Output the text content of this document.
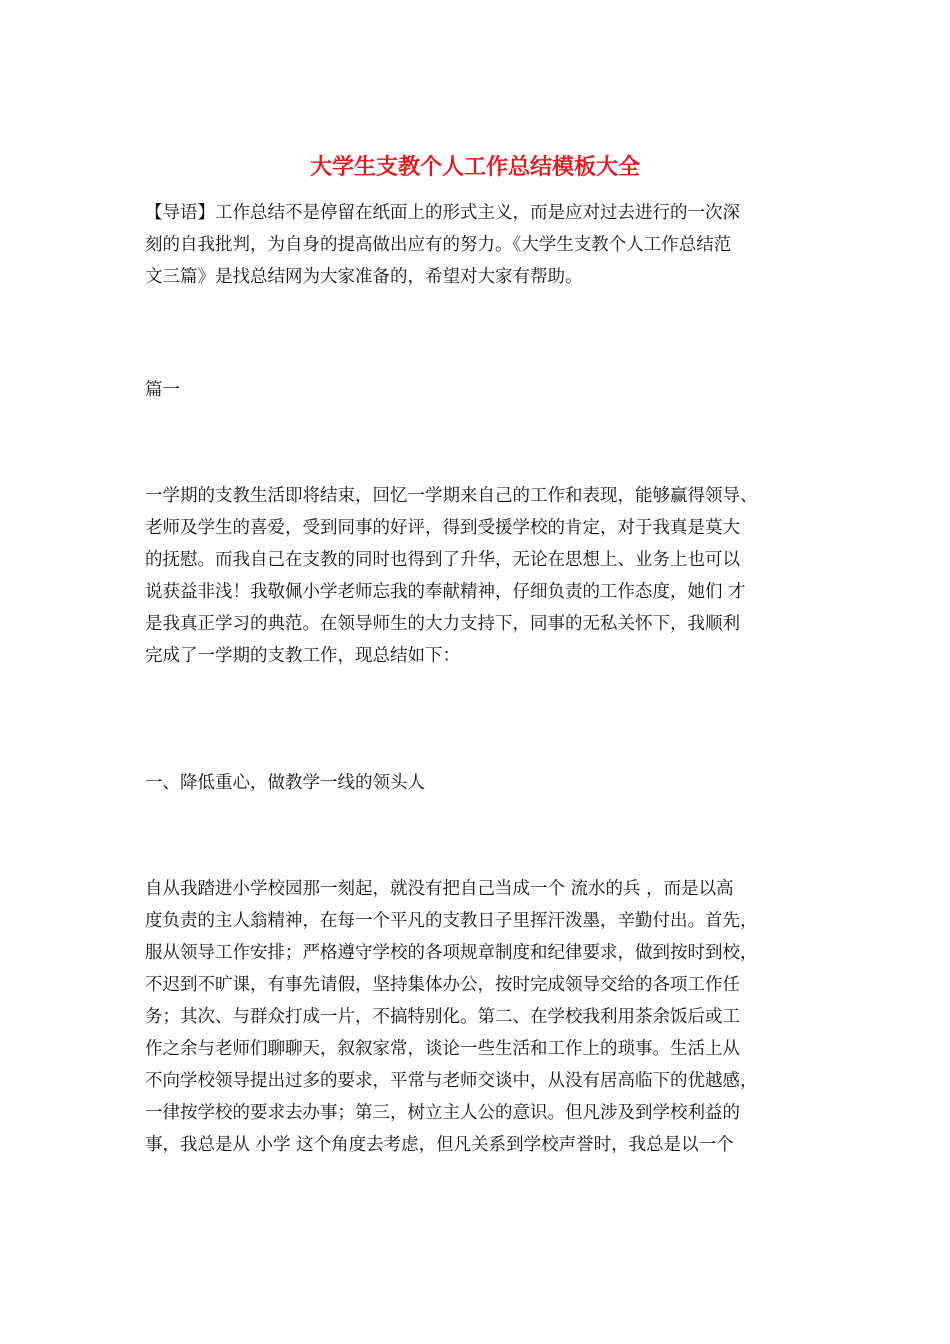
大学生支教个人工作总结模板大全
【导语】工作总结不是停留在纸面上的形式主义，而是应对过去进行的一次深
刻的自我批判，为自身的提高做出应有的努力。《大学生支教个人工作总结范
文三篇》是找总结网为大家准备的，希望对大家有帮助。
篇一
一学期的支教生活即将结束，回忆一学期来自己的工作和表现，能够赢得领导、
老师及学生的喜爱，受到同事的好评，得到受援学校的肯定，对于我真是莫大
的抚慰。而我自己在支教的同时也得到了升华，无论在思想上、业务上也可以
说获益非浅！我敬佩小学老师忘我的奉献精神，仔细负责的工作态度，她们 才
是我真正学习的典范。在领导师生的大力支持下，同事的无私关怀下，我顺利
完成了一学期的支教工作，现总结如下：
一、降低重心，做教学一线的领头人
自从我踏进小学校园那一刻起，就没有把自己当成一个 流水的兵 ，而是以高
度负责的主人翁精神，在每一个平凡的支教日子里挥汗泼墨，辛勤付出。首先，
服从领导工作安排；严格遵守学校的各项规章制度和纪律要求，做到按时到校，
不迟到不旷课，有事先请假，坚持集体办公，按时完成领导交给的各项工作任
务；其次、与群众打成一片，不搞特别化。第二、在学校我利用茶余饭后或工
作之余与老师们聊聊天，叙叙家常，谈论一些生活和工作上的琐事。生活上从
不向学校领导提出过多的要求，平常与老师交谈中，从没有居高临下的优越感，
一律按学校的要求去办事；第三，树立主人公的意识。但凡涉及到学校利益的
事，我总是从 小学 这个角度去考虑，但凡关系到学校声誉时，我总是以一个
